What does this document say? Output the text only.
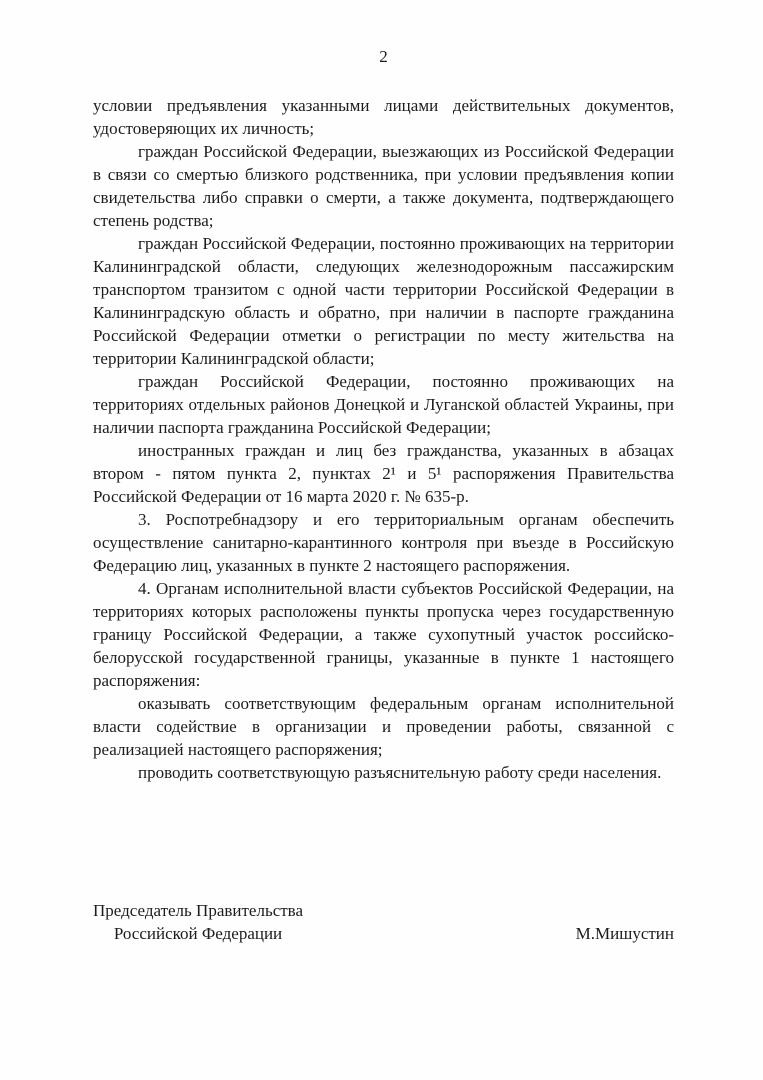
2

условии предъявления указанными лицами действительных документов, удостоверяющих их личность;

граждан Российской Федерации, выезжающих из Российской Федерации в связи со смертью близкого родственника, при условии предъявления копии свидетельства либо справки о смерти, а также документа, подтверждающего степень родства;

граждан Российской Федерации, постоянно проживающих на территории Калининградской области, следующих железнодорожным пассажирским транспортом транзитом с одной части территории Российской Федерации в Калининградскую область и обратно, при наличии в паспорте гражданина Российской Федерации отметки о регистрации по месту жительства на территории Калининградской области;

граждан Российской Федерации, постоянно проживающих на территориях отдельных районов Донецкой и Луганской областей Украины, при наличии паспорта гражданина Российской Федерации;

иностранных граждан и лиц без гражданства, указанных в абзацах втором - пятом пункта 2, пунктах 2¹ и 5¹ распоряжения Правительства Российской Федерации от 16 марта 2020 г. № 635-р.

3. Роспотребнадзору и его территориальным органам обеспечить осуществление санитарно-карантинного контроля при въезде в Российскую Федерацию лиц, указанных в пункте 2 настоящего распоряжения.

4. Органам исполнительной власти субъектов Российской Федерации, на территориях которых расположены пункты пропуска через государственную границу Российской Федерации, а также сухопутный участок российско-белорусской государственной границы, указанные в пункте 1 настоящего распоряжения:

оказывать соответствующим федеральным органам исполнительной власти содействие в организации и проведении работы, связанной с реализацией настоящего распоряжения;

проводить соответствующую разъяснительную работу среди населения.

Председатель Правительства
Российской Федерации	М.Мишустин
